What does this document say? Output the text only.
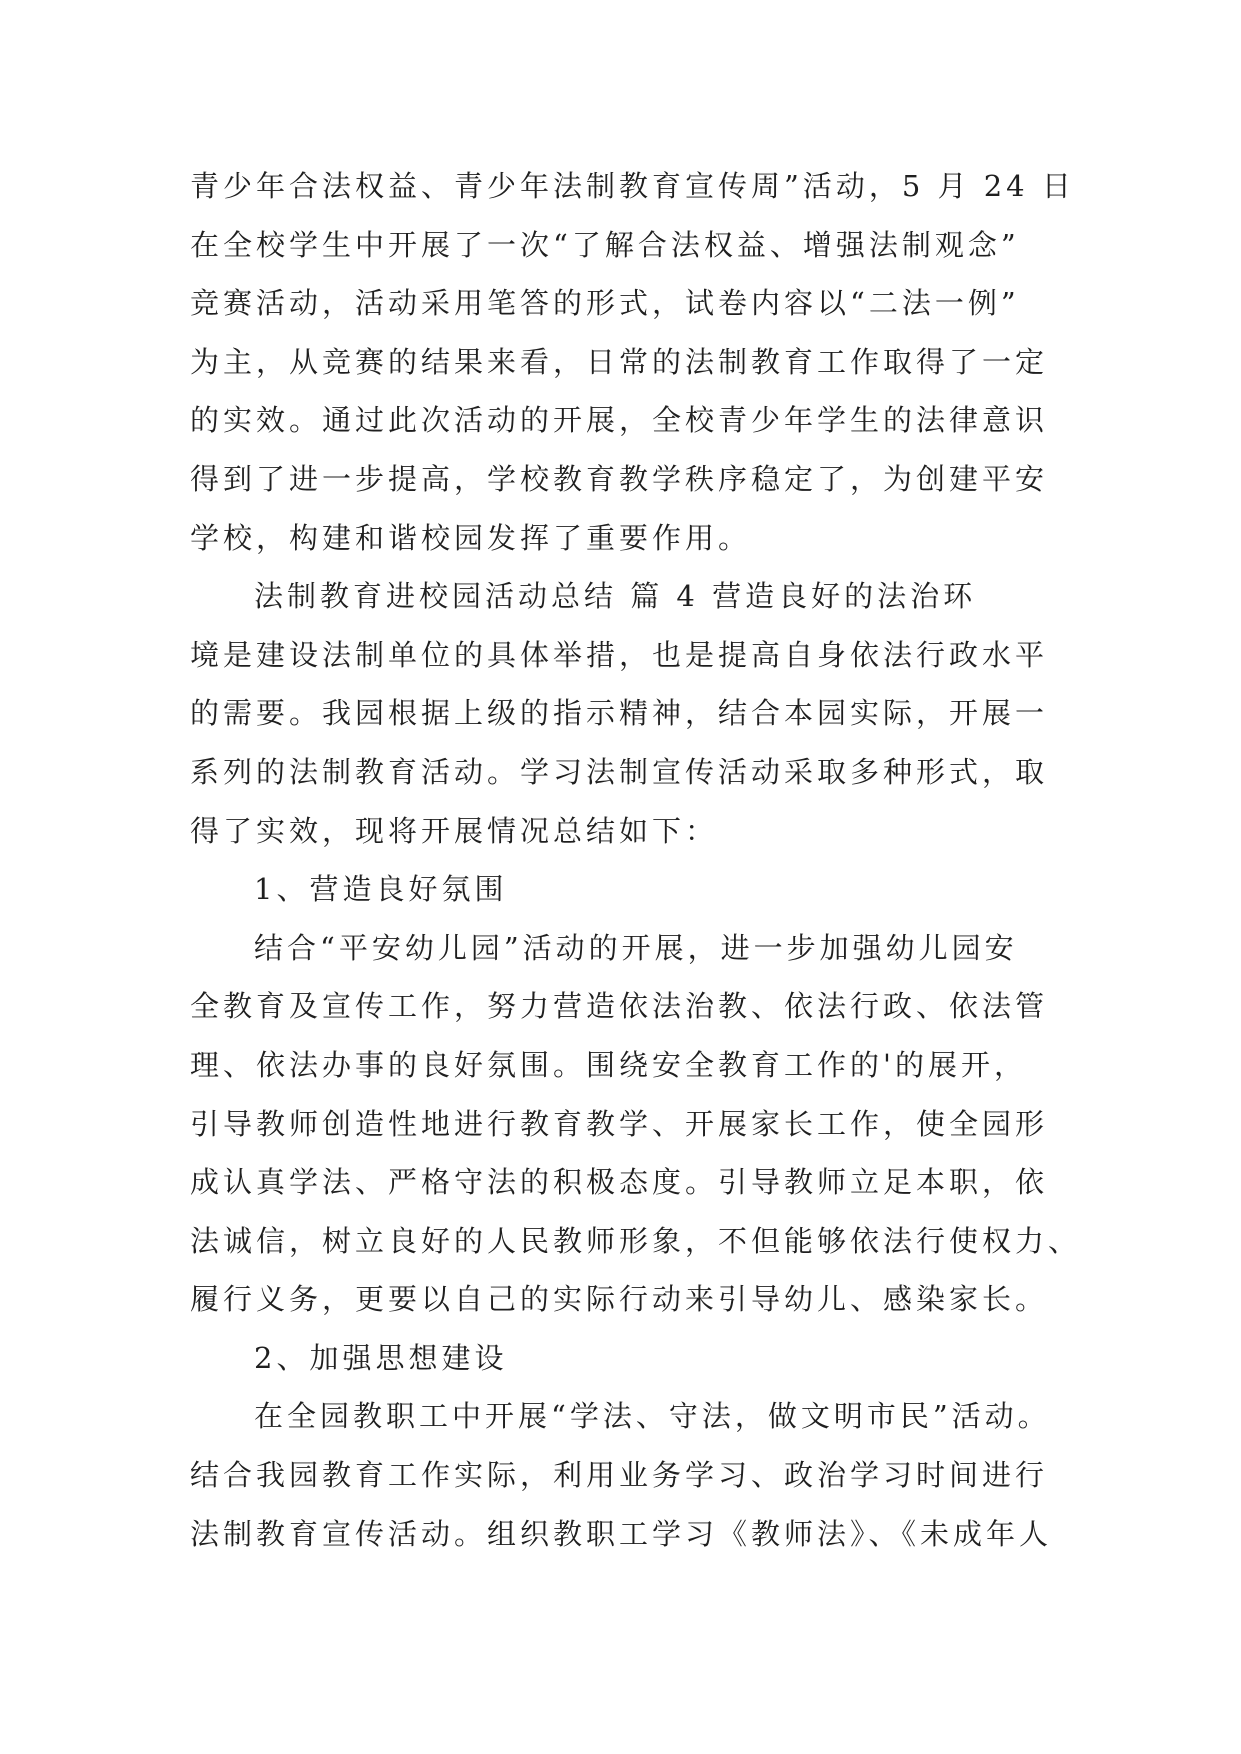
青少年合法权益、青少年法制教育宣传周”活动，5 月 24 日
在全校学生中开展了一次“了解合法权益、增强法制观念”
竞赛活动，活动采用笔答的形式，试卷内容以“二法一例”
为主，从竞赛的结果来看，日常的法制教育工作取得了一定
的实效。通过此次活动的开展，全校青少年学生的法律意识
得到了进一步提高，学校教育教学秩序稳定了，为创建平安
学校，构建和谐校园发挥了重要作用。
法制教育进校园活动总结 篇 4 营造良好的法治环
境是建设法制单位的具体举措，也是提高自身依法行政水平
的需要。我园根据上级的指示精神，结合本园实际，开展一
系列的法制教育活动。学习法制宣传活动采取多种形式，取
得了实效，现将开展情况总结如下：
1、营造良好氛围
结合“平安幼儿园”活动的开展，进一步加强幼儿园安
全教育及宣传工作，努力营造依法治教、依法行政、依法管
理、依法办事的良好氛围。围绕安全教育工作的'的展开，
引导教师创造性地进行教育教学、开展家长工作，使全园形
成认真学法、严格守法的积极态度。引导教师立足本职，依
法诚信，树立良好的人民教师形象，不但能够依法行使权力、
履行义务，更要以自己的实际行动来引导幼儿、感染家长。
2、加强思想建设
在全园教职工中开展“学法、守法，做文明市民”活动。
结合我园教育工作实际，利用业务学习、政治学习时间进行
法制教育宣传活动。组织教职工学习《教师法》、《未成年人
